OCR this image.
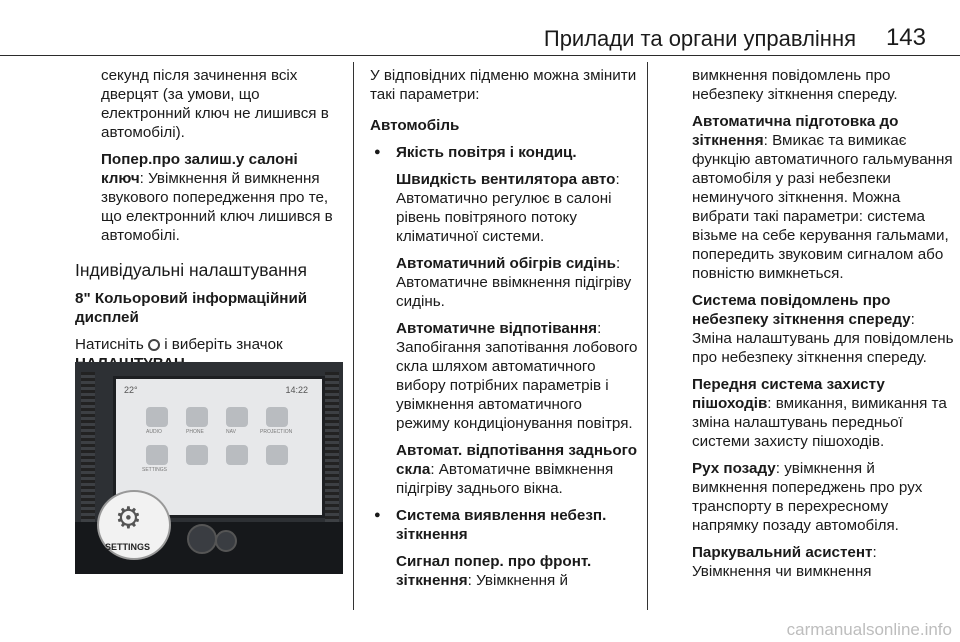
Прилади та органи управління 143

секунд після зачинення всіх дверцят (за умови, що електронний ключ не лишився в автомобілі).

Попер.про залиш.у салоні ключ: Увімкнення й вимкнення звукового попередження про те, що електронний ключ лишився в автомобілі.

Індивідуальні налаштування

8" Кольоровий інформаційний дисплей

Натисніть  і виберіть значок

22°	14:22
AUDIO	PHONE	NAV	PROJECTION
SETTINGS
⚙
SETTINGS

У відповідних підменю можна змінити такі параметри:

Автомобіль

● Якість повітря і кондиц.

Швидкість вентилятора авто: Автоматично регулює в салоні рівень повітряного потоку кліматичної системи.

Автоматичний обігрів сидінь: Автоматичне ввімкнення підігріву сидінь.

Автоматичне відпотівання: Запобігання запотівання лобового скла шляхом автоматичного вибору потрібних параметрів і увімкнення автоматичного режиму кондиціонування повітря.

Автомат. відпотівання заднього скла: Автоматичне ввімкнення підігріву заднього вікна.

● Система виявлення небезп. зіткнення

Сигнал попер. про фронт. зіткнення: Увімкнення й

вимкнення повідомлень про небезпеку зіткнення спереду.

Автоматична підготовка до зіткнення: Вмикає та вимикає функцію автоматичного гальмування автомобіля у разі небезпеки неминучого зіткнення. Можна вибрати такі параметри: система візьме на себе керування гальмами, попередить звуковим сигналом або повністю вимкнеться.

Система повідомлень про небезпеку зіткнення спереду: Зміна налаштувань для повідомлень про небезпеку зіткнення спереду.

Передня система захисту пішоходів: вмикання, вимикання та зміна налаштувань передньої системи захисту пішоходів.

Рух позаду: увімкнення й вимкнення попереджень про рух транспорту в перехресному напрямку позаду автомобіля.

Паркувальний асистент:
Увімкнення чи вимкнення

carmanualsonline.info
